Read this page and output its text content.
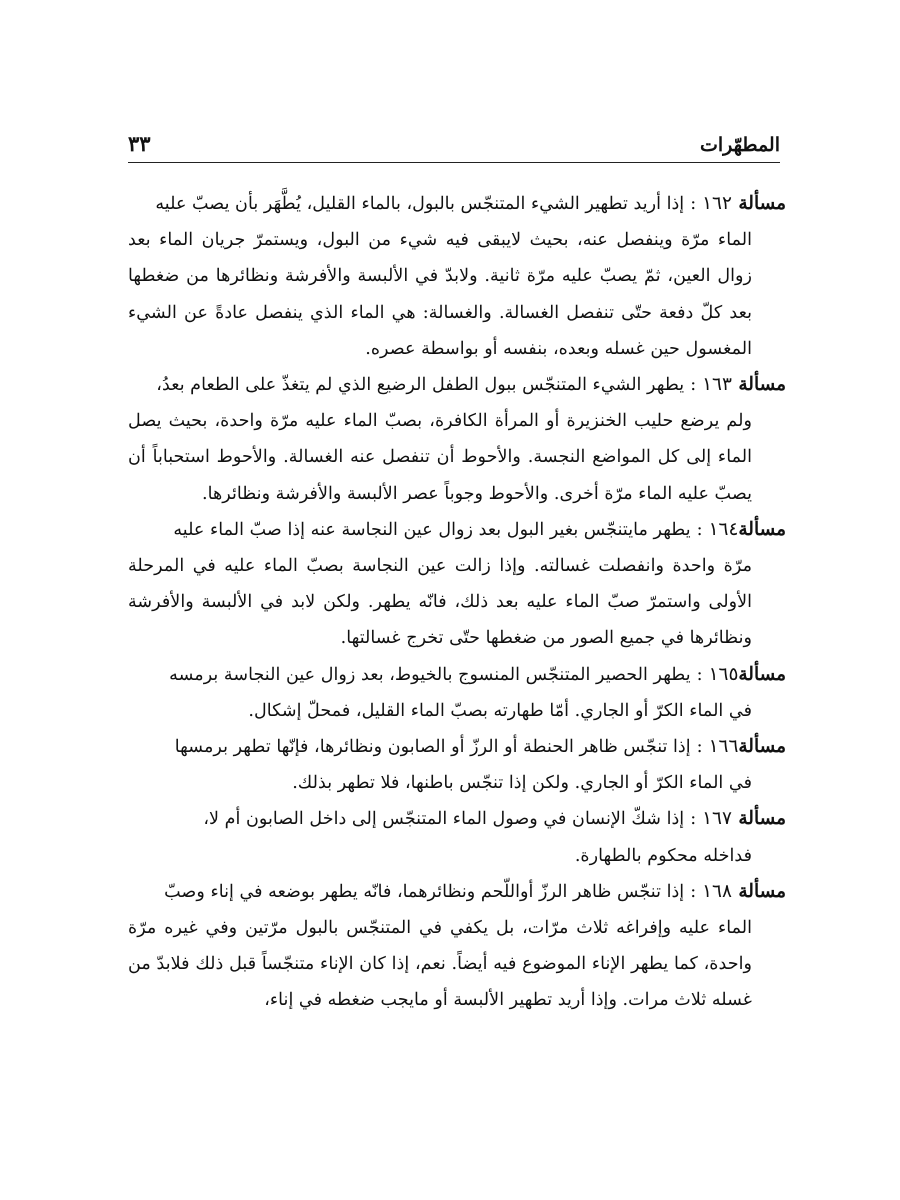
المطهّرات
٣٣

مسألة ١٦٢:إذا أريد تطهير الشيء المتنجّس بالبول، بالماء القليل، يُطَّهَر بأن يصبّ عليه
الماء مرّة وينفصل عنه، بحيث لايبقى فيه شيء من البول، ويستمرّ جريان الماء بعد زوال العين، ثمّ يصبّ عليه مرّة ثانية. ولابدّ في الألبسة والأفرشة ونظائرها من ضغطها بعد كلّ دفعة حتّى تنفصل الغسالة. والغسالة: هي الماء الذي ينفصل عادةً عن الشيء المغسول حين غسله وبعده، بنفسه أو بواسطة عصره.

مسألة ١٦٣:يطهر الشيء المتنجّس ببول الطفل الرضيع الذي لم يتغذّ على الطعام بعدُ،
ولم يرضع حليب الخنزيرة أو المرأة الكافرة، بصبّ الماء عليه مرّة واحدة، بحيث يصل الماء إلى كل المواضع النجسة. والأحوط أن تنفصل عنه الغسالة. والأحوط استحباباً أن يصبّ عليه الماء مرّة أخرى. والأحوط وجوباً عصر الألبسة والأفرشة ونظائرها.

مسألة١٦٤:يطهر مايتنجّس بغير البول بعد زوال عين النجاسة عنه إذا صبّ الماء عليه
مرّة واحدة وانفصلت غسالته. وإذا زالت عين النجاسة بصبّ الماء عليه في المرحلة الأولى واستمرّ صبّ الماء عليه بعد ذلك، فانّه يطهر. ولكن لابد في الألبسة والأفرشة ونظائرها في جميع الصور من ضغطها حتّى تخرج غسالتها.

مسألة١٦٥:يطهر الحصير المتنجّس المنسوج بالخيوط، بعد زوال عين النجاسة برمسه
في الماء الكرّ أو الجاري. أمّا طهارته بصبّ الماء القليل، فمحلّ إشكال.

مسألة١٦٦:إذا تنجّس ظاهر الحنطة أو الرزّ أو الصابون ونظائرها، فإنّها تطهر برمسها
في الماء الكرّ أو الجاري. ولكن إذا تنجّس باطنها، فلا تطهر بذلك.

مسألة ١٦٧:إذا شكّ الإنسان في وصول الماء المتنجّس إلى داخل الصابون أم لا،
فداخله محكوم بالطهارة.

مسألة ١٦٨:إذا تنجّس ظاهر الرزّ أواللّحم ونظائرهما، فانّه يطهر بوضعه في إناء وصبّ
الماء عليه وإفراغه ثلاث مرّات، بل يكفي في المتنجّس بالبول مرّتين وفي غيره مرّة واحدة، كما يطهر الإناء الموضوع فيه أيضاً. نعم، إذا كان الإناء متنجّساً قبل ذلك فلابدّ من غسله ثلاث مرات. وإذا أريد تطهير الألبسة أو مايجب ضغطه في إناء،
